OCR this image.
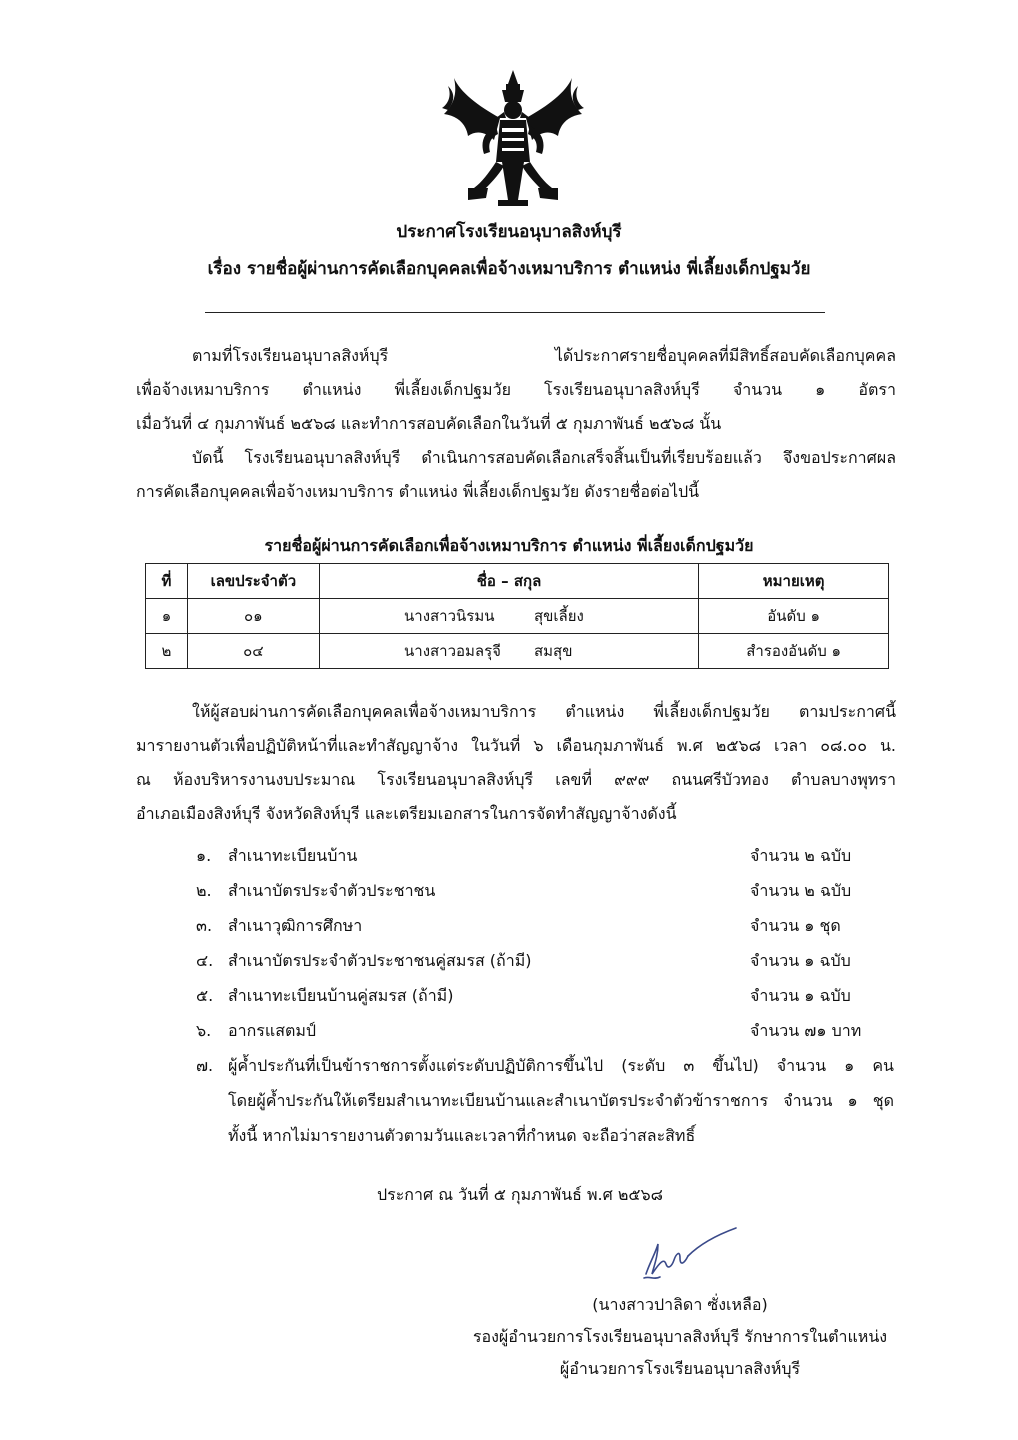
ประกาศโรงเรียนอนุบาลสิงห์บุรี
เรื่อง รายชื่อผู้ผ่านการคัดเลือกบุคคลเพื่อจ้างเหมาบริการ ตำแหน่ง พี่เลี้ยงเด็กปฐมวัย
ตามที่โรงเรียนอนุบาลสิงห์บุรี ได้ประกาศรายชื่อบุคคลที่มีสิทธิ์สอบคัดเลือกบุคคล
เพื่อจ้างเหมาบริการ ตำแหน่ง พี่เลี้ยงเด็กปฐมวัย โรงเรียนอนุบาลสิงห์บุรี จำนวน ๑ อัตรา
เมื่อวันที่ ๔ กุมภาพันธ์ ๒๕๖๘ และทำการสอบคัดเลือกในวันที่ ๕ กุมภาพันธ์ ๒๕๖๘ นั้น
บัดนี้ โรงเรียนอนุบาลสิงห์บุรี ดำเนินการสอบคัดเลือกเสร็จสิ้นเป็นที่เรียบร้อยแล้ว จึงขอประกาศผล
การคัดเลือกบุคคลเพื่อจ้างเหมาบริการ ตำแหน่ง พี่เลี้ยงเด็กปฐมวัย ดังรายชื่อต่อไปนี้
รายชื่อผู้ผ่านการคัดเลือกเพื่อจ้างเหมาบริการ ตำแหน่ง พี่เลี้ยงเด็กปฐมวัย
ที่	เลขประจำตัว	ชื่อ – สกุล	หมายเหตุ
๑	๐๑	นางสาวนิรมน สุขเลี้ยง	อันดับ ๑
๒	๐๔	นางสาวอมลรุจี สมสุข	สำรองอันดับ ๑
ให้ผู้สอบผ่านการคัดเลือกบุคคลเพื่อจ้างเหมาบริการ ตำแหน่ง พี่เลี้ยงเด็กปฐมวัย ตามประกาศนี้
มารายงานตัวเพื่อปฏิบัติหน้าที่และทำสัญญาจ้าง ในวันที่ ๖ เดือนกุมภาพันธ์ พ.ศ ๒๕๖๘ เวลา ๐๘.๐๐ น.
ณ ห้องบริหารงานงบประมาณ โรงเรียนอนุบาลสิงห์บุรี เลขที่ ๙๙๙ ถนนศรีบัวทอง ตำบลบางพุทรา
อำเภอเมืองสิงห์บุรี จังหวัดสิงห์บุรี และเตรียมเอกสารในการจัดทำสัญญาจ้างดังนี้
๑.	สำเนาทะเบียนบ้าน	จำนวน ๒ ฉบับ
๒.	สำเนาบัตรประจำตัวประชาชน	จำนวน ๒ ฉบับ
๓. สำเนาวุฒิการศึกษา	จำนวน ๑ ชุด
๔. สำเนาบัตรประจำตัวประชาชนคู่สมรส (ถ้ามี)	จำนวน ๑ ฉบับ
๕. สำเนาทะเบียนบ้านคู่สมรส (ถ้ามี)	จำนวน ๑ ฉบับ
๖.	อากรแสตมป์	จำนวน ๗๑ บาท
๗. ผู้ค้ำประกันที่เป็นข้าราชการตั้งแต่ระดับปฏิบัติการขึ้นไป (ระดับ ๓ ขึ้นไป) จำนวน ๑ คน
โดยผู้ค้ำประกันให้เตรียมสำเนาทะเบียนบ้านและสำเนาบัตรประจำตัวข้าราชการ จำนวน ๑ ชุด
ทั้งนี้ หากไม่มารายงานตัวตามวันและเวลาที่กำหนด จะถือว่าสละสิทธิ์
ประกาศ ณ วันที่ ๕ กุมภาพันธ์ พ.ศ ๒๕๖๘
(นางสาวปาลิดา ซั่งเหลือ)
รองผู้อำนวยการโรงเรียนอนุบาลสิงห์บุรี รักษาการในตำแหน่ง
ผู้อำนวยการโรงเรียนอนุบาลสิงห์บุรี
